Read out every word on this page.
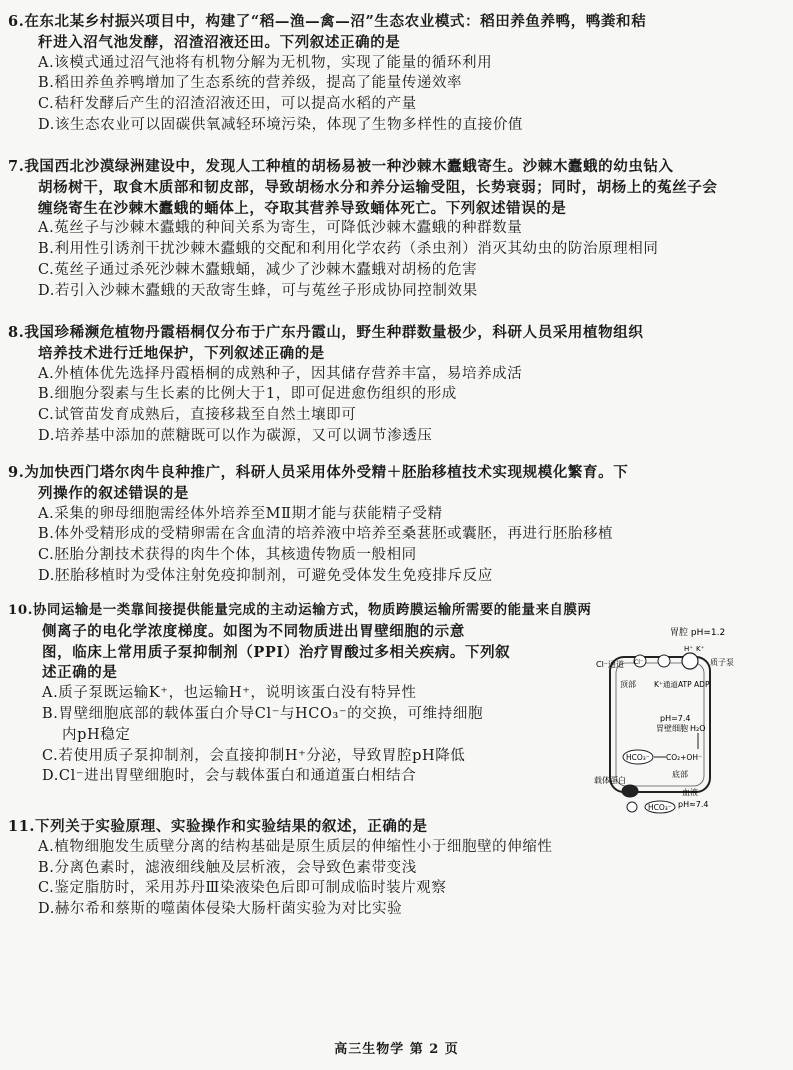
6.在东北某乡村振兴项目中，构建了“稻—渔—禽—沼”生态农业模式：稻田养鱼养鸭，鸭粪和秸
秆进入沼气池发酵，沼渣沼液还田。下列叙述正确的是
A.该模式通过沼气池将有机物分解为无机物，实现了能量的循环利用
B.稻田养鱼养鸭增加了生态系统的营养级，提高了能量传递效率
C.秸秆发酵后产生的沼渣沼液还田，可以提高水稻的产量
D.该生态农业可以固碳供氧减轻环境污染，体现了生物多样性的直接价值
7.我国西北沙漠绿洲建设中，发现人工种植的胡杨易被一种沙棘木蠹蛾寄生。沙棘木蠹蛾的幼虫钻入
胡杨树干，取食木质部和韧皮部，导致胡杨水分和养分运输受阻，长势衰弱；同时，胡杨上的菟丝子会
缠绕寄生在沙棘木蠹蛾的蛹体上，夺取其营养导致蛹体死亡。下列叙述错误的是
A.菟丝子与沙棘木蠹蛾的种间关系为寄生，可降低沙棘木蠹蛾的种群数量
B.利用性引诱剂干扰沙棘木蠹蛾的交配和利用化学农药（杀虫剂）消灭其幼虫的防治原理相同
C.菟丝子通过杀死沙棘木蠹蛾蛹，减少了沙棘木蠹蛾对胡杨的危害
D.若引入沙棘木蠹蛾的天敌寄生蜂，可与菟丝子形成协同控制效果
8.我国珍稀濒危植物丹霞梧桐仅分布于广东丹霞山，野生种群数量极少，科研人员采用植物组织
培养技术进行迁地保护，下列叙述正确的是
A.外植体优先选择丹霞梧桐的成熟种子，因其储存营养丰富，易培养成活
B.细胞分裂素与生长素的比例大于1，即可促进愈伤组织的形成
C.试管苗发育成熟后，直接移栽至自然土壤即可
D.培养基中添加的蔗糖既可以作为碳源，又可以调节渗透压
9.为加快西门塔尔肉牛良种推广，科研人员采用体外受精＋胚胎移植技术实现规模化繁育。下
列操作的叙述错误的是
A.采集的卵母细胞需经体外培养至MⅡ期才能与获能精子受精
B.体外受精形成的受精卵需在含血清的培养液中培养至桑葚胚或囊胚，再进行胚胎移植
C.胚胎分割技术获得的肉牛个体，其核遗传物质一般相同
D.胚胎移植时为受体注射免疫抑制剂，可避免受体发生免疫排斥反应
10.协同运输是一类靠间接提供能量完成的主动运输方式，物质跨膜运输所需要的能量来自膜两
侧离子的电化学浓度梯度。如图为不同物质进出胃壁细胞的示意
图，临床上常用质子泵抑制剂（PPI）治疗胃酸过多相关疾病。下列叙
述正确的是
A.质子泵既运输K⁺，也运输H⁺，说明该蛋白没有特异性
B.胃壁细胞底部的载体蛋白介导Cl⁻与HCO₃⁻的交换，可维持细胞
内pH稳定
C.若使用质子泵抑制剂，会直接抑制H⁺分泌，导致胃腔pH降低
D.Cl⁻进出胃壁细胞时，会与载体蛋白和通道蛋白相结合
11.下列关于实验原理、实验操作和实验结果的叙述，正确的是
A.植物细胞发生质壁分离的结构基础是原生质层的伸缩性小于细胞壁的伸缩性
B.分离色素时，滤液细线触及层析液，会导致色素带变浅
C.鉴定脂肪时，采用苏丹Ⅲ染液染色后即可制成临时装片观察
D.赫尔希和蔡斯的噬菌体侵染大肠杆菌实验为对比实验
胃腔 pH=1.2
Cl⁻通道 Cl⁻
H⁺ K⁺
质子泵
顶部 K⁺通道 ATP ADP
pH=7.4
胃壁细胞 H₂O
HCO₃⁻ CO₂+OH⁻
底部
载体蛋白
血液
HCO₃⁻ pH≈7.4
高三生物学 第 2 页
